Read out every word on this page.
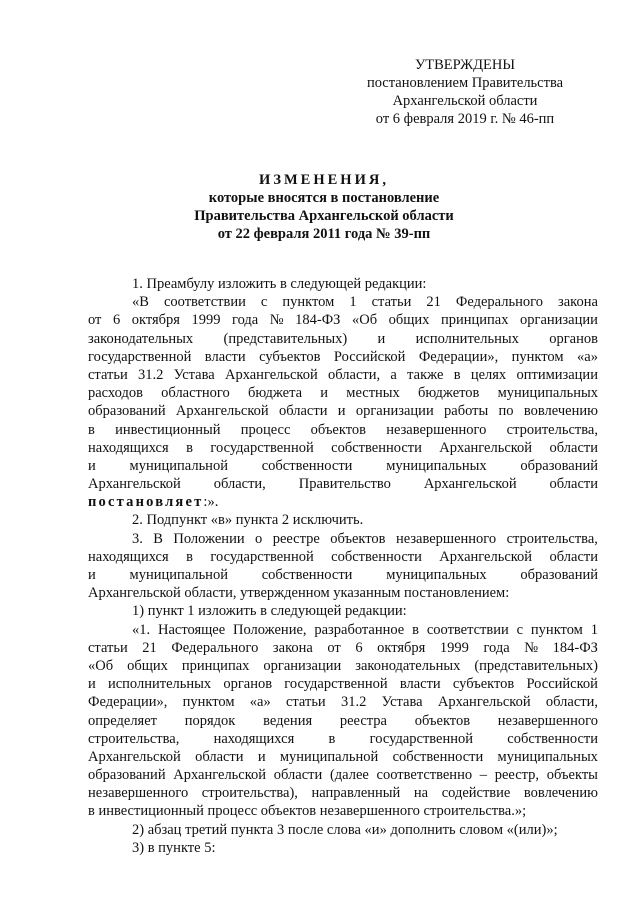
УТВЕРЖДЕНЫ
постановлением Правительства
Архангельской области
от 6 февраля 2019 г. № 46-пп
ИЗМЕНЕНИЯ,
которые вносятся в постановление
Правительства Архангельской области
от 22 февраля 2011 года № 39-пп
1. Преамбулу изложить в следующей редакции:
«В соответствии с пунктом 1 статьи 21 Федерального закона
от 6 октября 1999 года № 184-ФЗ «Об общих принципах организации
законодательных (представительных) и исполнительных органов
государственной власти субъектов Российской Федерации», пунктом «а»
статьи 31.2 Устава Архангельской области, а также в целях оптимизации
расходов областного бюджета и местных бюджетов муниципальных
образований Архангельской области и организации работы по вовлечению
в инвестиционный процесс объектов незавершенного строительства,
находящихся в государственной собственности Архангельской области
и муниципальной собственности муниципальных образований
Архангельской области, Правительство Архангельской области
постановляет:».
2. Подпункт «в» пункта 2 исключить.
3. В Положении о реестре объектов незавершенного строительства,
находящихся в государственной собственности Архангельской области
и муниципальной собственности муниципальных образований
Архангельской области, утвержденном указанным постановлением:
1) пункт 1 изложить в следующей редакции:
«1. Настоящее Положение, разработанное в соответствии с пунктом 1
статьи 21 Федерального закона от 6 октября 1999 года № 184-ФЗ
«Об общих принципах организации законодательных (представительных)
и исполнительных органов государственной власти субъектов Российской
Федерации», пунктом «а» статьи 31.2 Устава Архангельской области,
определяет порядок ведения реестра объектов незавершенного
строительства, находящихся в государственной собственности
Архангельской области и муниципальной собственности муниципальных
образований Архангельской области (далее соответственно – реестр, объекты
незавершенного строительства), направленный на содействие вовлечению
в инвестиционный процесс объектов незавершенного строительства.»;
2) абзац третий пункта 3 после слова «и» дополнить словом «(или)»;
3) в пункте 5:
